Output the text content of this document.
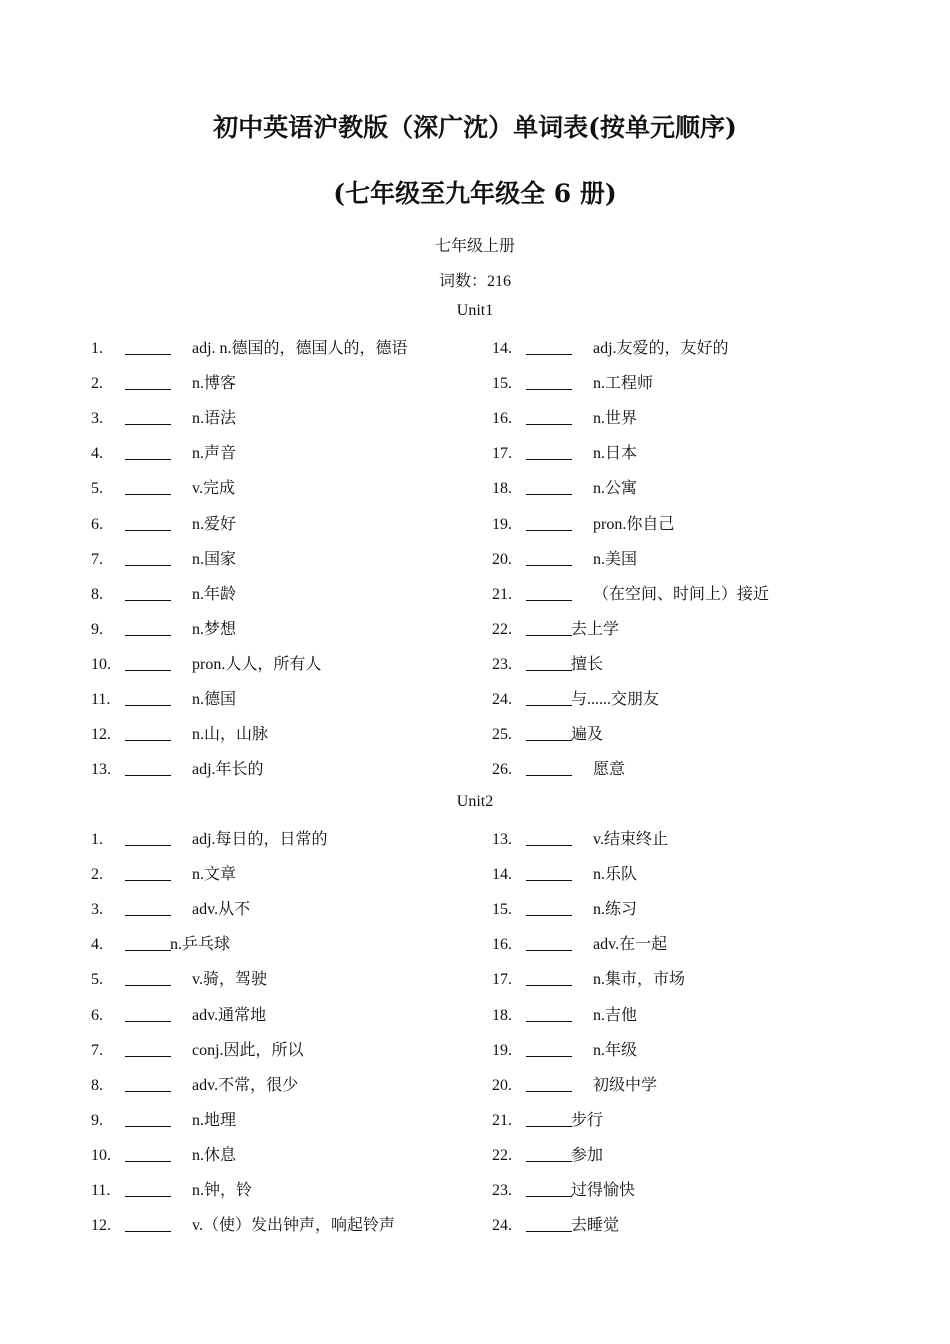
初中英语沪教版（深广沈）单词表(按单元顺序)
(七年级至九年级全 6 册)
七年级上册
词数：216
Unit1
1.	adj. n.德国的，德国人的，德语
2.	n.博客
3.	n.语法
4.	n.声音
5.	v.完成
6.	n.爱好
7.	n.国家
8.	n.年龄
9.	n.梦想
10.	pron.人人，所有人
11.	n.德国
12.	n.山，山脉
13.	adj.年长的
14.	adj.友爱的，友好的
15.	n.工程师
16.	n.世界
17.	n.日本
18.	n.公寓
19.	pron.你自己
20.	n.美国
21.	（在空间、时间上）接近
22.	去上学
23.	擅长
24.	与......交朋友
25.	遍及
26.	愿意
Unit2
1.	adj.每日的，日常的
2.	n.文章
3.	adv.从不
4.	n.乒乓球
5.	v.骑，驾驶
6.	adv.通常地
7.	conj.因此，所以
8.	adv.不常，很少
9.	n.地理
10.	n.休息
11.	n.钟，铃
12.	v.（使）发出钟声，响起铃声
13.	v.结束终止
14.	n.乐队
15.	n.练习
16.	adv.在一起
17.	n.集市，市场
18.	n.吉他
19.	n.年级
20.	初级中学
21.	步行
22.	参加
23.	过得愉快
24.	去睡觉
